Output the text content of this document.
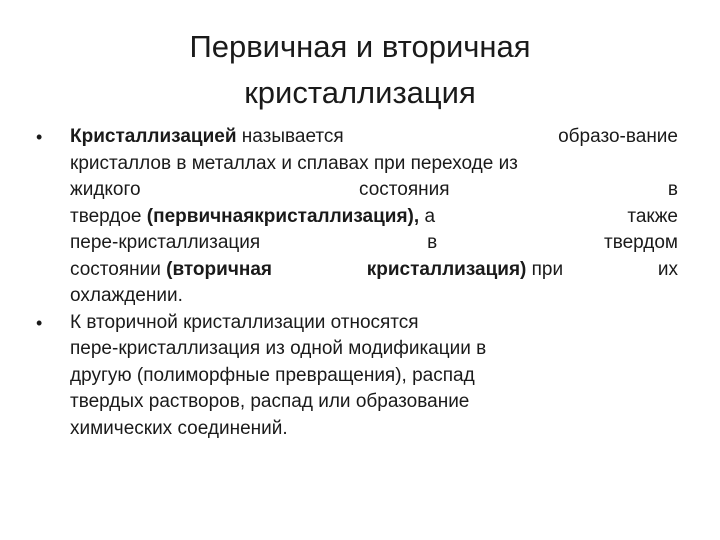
Первичная и вторичная
кристаллизация
• Кристаллизацией называется	образо-вание
кристаллов в металлах и сплавах при переходе из
жидкого	состояния	в
твердое (первичнаякристаллизация), а	также
пере-кристаллизация	в	твердом
состоянии (вторичная	кристаллизация) при	их
охлаждении.
• К вторичной кристаллизации относятся
пере-кристаллизация из одной модификации в
другую (полиморфные превращения), распад
твердых растворов, распад или образование
химических соединений.
